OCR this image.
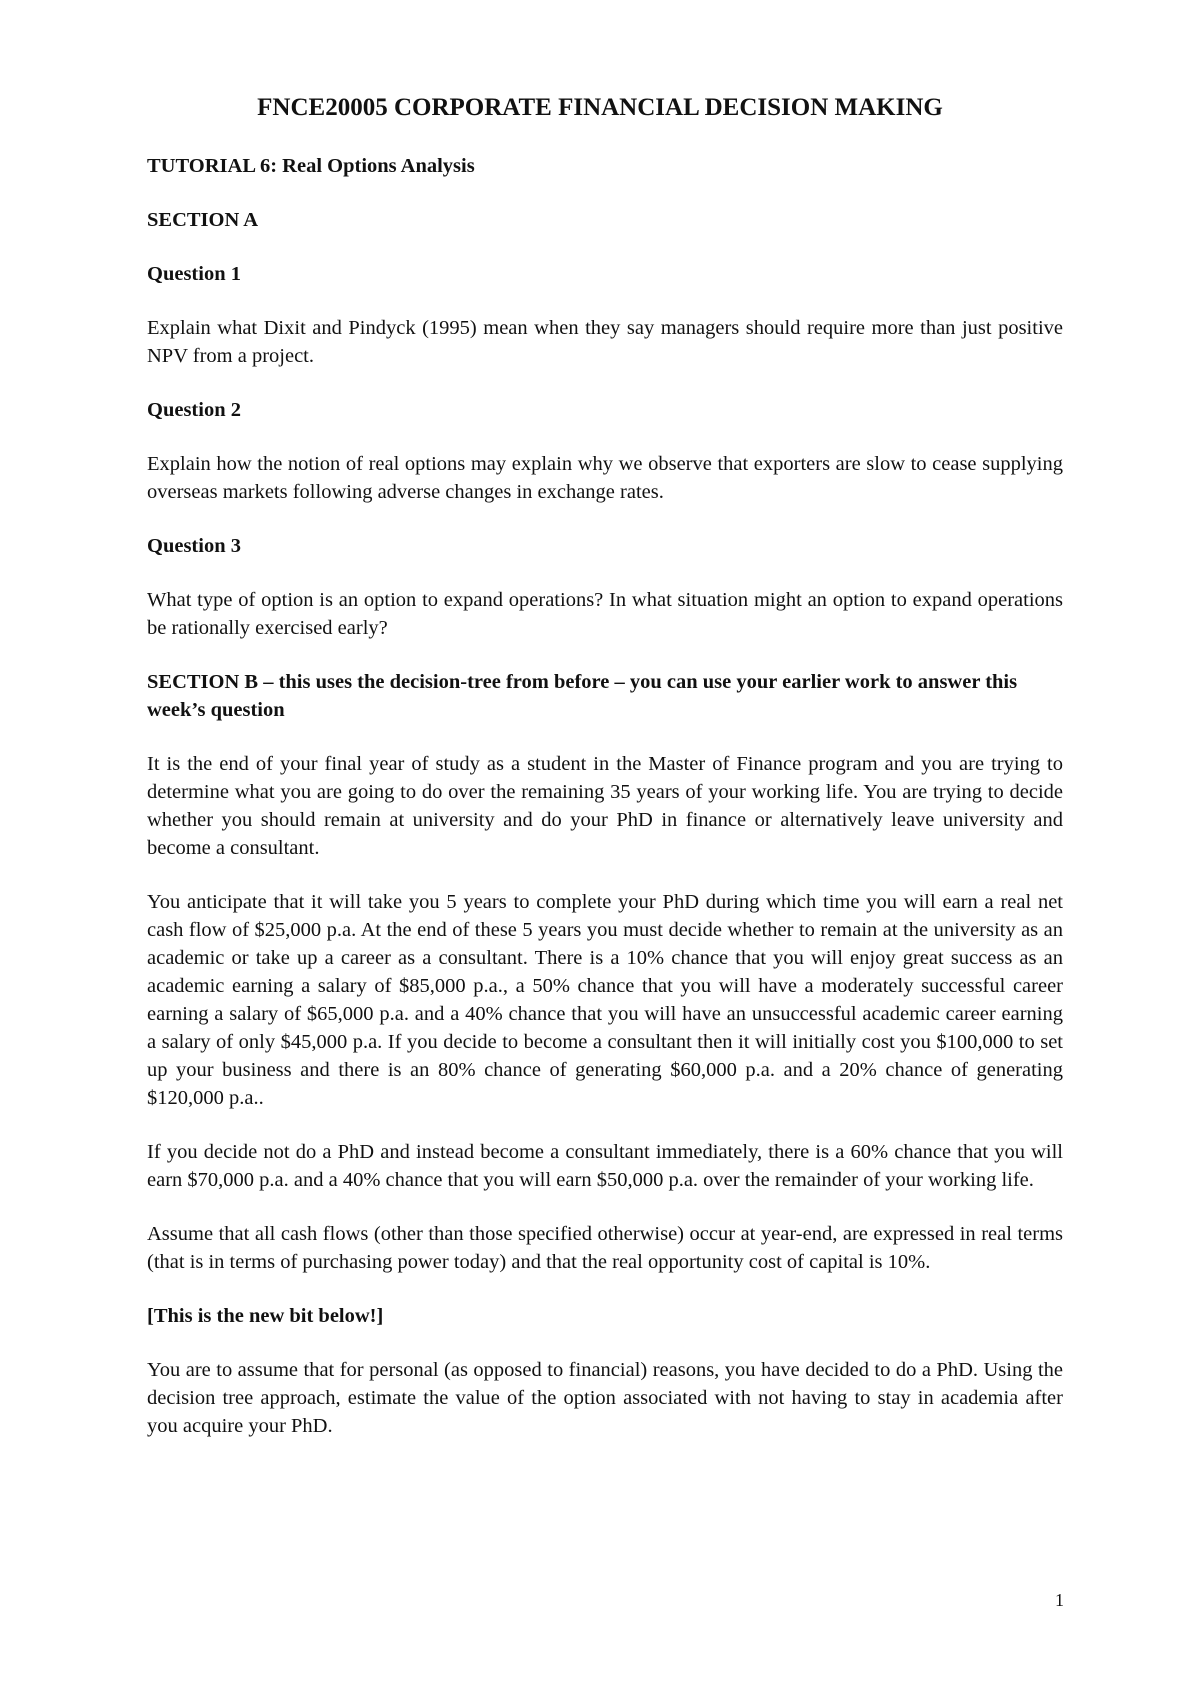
FNCE20005 CORPORATE FINANCIAL DECISION MAKING
TUTORIAL 6: Real Options Analysis
SECTION A
Question 1

Explain what Dixit and Pindyck (1995) mean when they say managers should require more than just positive NPV from a project.

Question 2

Explain how the notion of real options may explain why we observe that exporters are slow to cease supplying overseas markets following adverse changes in exchange rates.

Question 3

What type of option is an option to expand operations? In what situation might an option to expand operations be rationally exercised early?

SECTION B – this uses the decision-tree from before – you can use your earlier work to answer this week’s question

It is the end of your final year of study as a student in the Master of Finance program and you are trying to determine what you are going to do over the remaining 35 years of your working life. You are trying to decide whether you should remain at university and do your PhD in finance or alternatively leave university and become a consultant.

You anticipate that it will take you 5 years to complete your PhD during which time you will earn a real net cash flow of $25,000 p.a. At the end of these 5 years you must decide whether to remain at the university as an academic or take up a career as a consultant. There is a 10% chance that you will enjoy great success as an academic earning a salary of $85,000 p.a., a 50% chance that you will have a moderately successful career earning a salary of $65,000 p.a. and a 40% chance that you will have an unsuccessful academic career earning a salary of only $45,000 p.a. If you decide to become a consultant then it will initially cost you $100,000 to set up your business and there is an 80% chance of generating $60,000 p.a. and a 20% chance of generating $120,000 p.a..

If you decide not do a PhD and instead become a consultant immediately, there is a 60% chance that you will earn $70,000 p.a. and a 40% chance that you will earn $50,000 p.a. over the remainder of your working life.

Assume that all cash flows (other than those specified otherwise) occur at year-end, are expressed in real terms (that is in terms of purchasing power today) and that the real opportunity cost of capital is 10%.

[This is the new bit below!]

You are to assume that for personal (as opposed to financial) reasons, you have decided to do a PhD. Using the decision tree approach, estimate the value of the option associated with not having to stay in academia after you acquire your PhD.

1
